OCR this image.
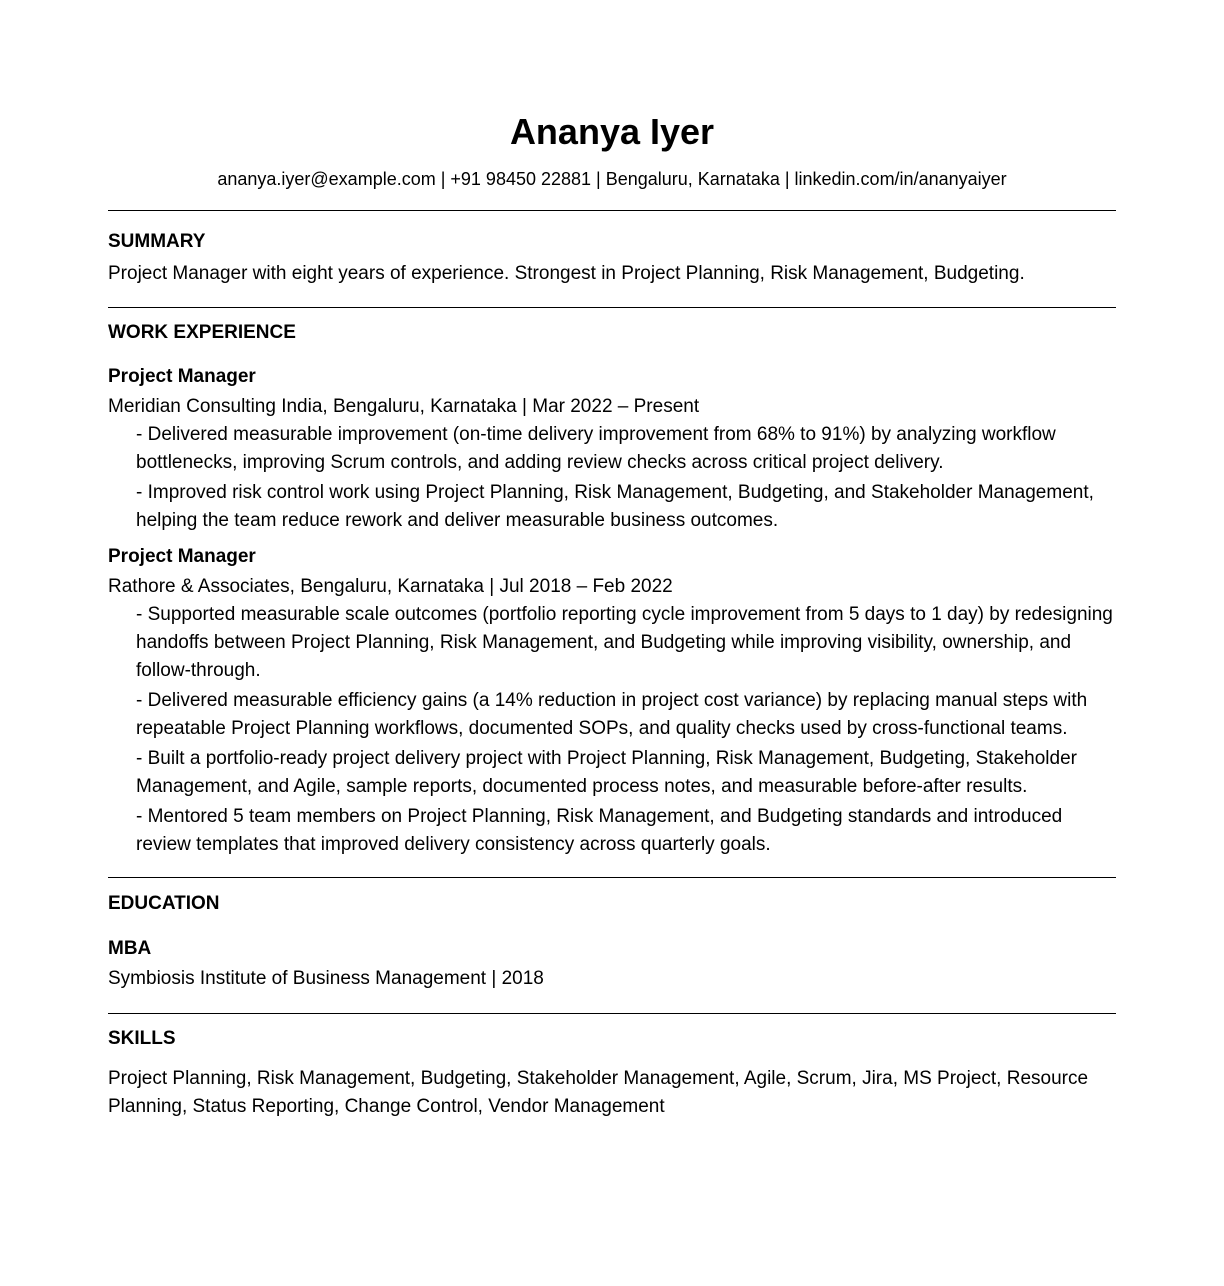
Ananya Iyer
ananya.iyer@example.com | +91 98450 22881 | Bengaluru, Karnataka | linkedin.com/in/ananyaiyer
SUMMARY
Project Manager with eight years of experience. Strongest in Project Planning, Risk Management, Budgeting.
WORK EXPERIENCE
Project Manager
Meridian Consulting India, Bengaluru, Karnataka | Mar 2022 – Present
- Delivered measurable improvement (on-time delivery improvement from 68% to 91%) by analyzing workflow bottlenecks, improving Scrum controls, and adding review checks across critical project delivery.
- Improved risk control work using Project Planning, Risk Management, Budgeting, and Stakeholder Management, helping the team reduce rework and deliver measurable business outcomes.
Project Manager
Rathore & Associates, Bengaluru, Karnataka | Jul 2018 – Feb 2022
- Supported measurable scale outcomes (portfolio reporting cycle improvement from 5 days to 1 day) by redesigning handoffs between Project Planning, Risk Management, and Budgeting while improving visibility, ownership, and follow-through.
- Delivered measurable efficiency gains (a 14% reduction in project cost variance) by replacing manual steps with repeatable Project Planning workflows, documented SOPs, and quality checks used by cross-functional teams.
- Built a portfolio-ready project delivery project with Project Planning, Risk Management, Budgeting, Stakeholder Management, and Agile, sample reports, documented process notes, and measurable before-after results.
- Mentored 5 team members on Project Planning, Risk Management, and Budgeting standards and introduced review templates that improved delivery consistency across quarterly goals.
EDUCATION
MBA
Symbiosis Institute of Business Management | 2018
SKILLS
Project Planning, Risk Management, Budgeting, Stakeholder Management, Agile, Scrum, Jira, MS Project, Resource Planning, Status Reporting, Change Control, Vendor Management
